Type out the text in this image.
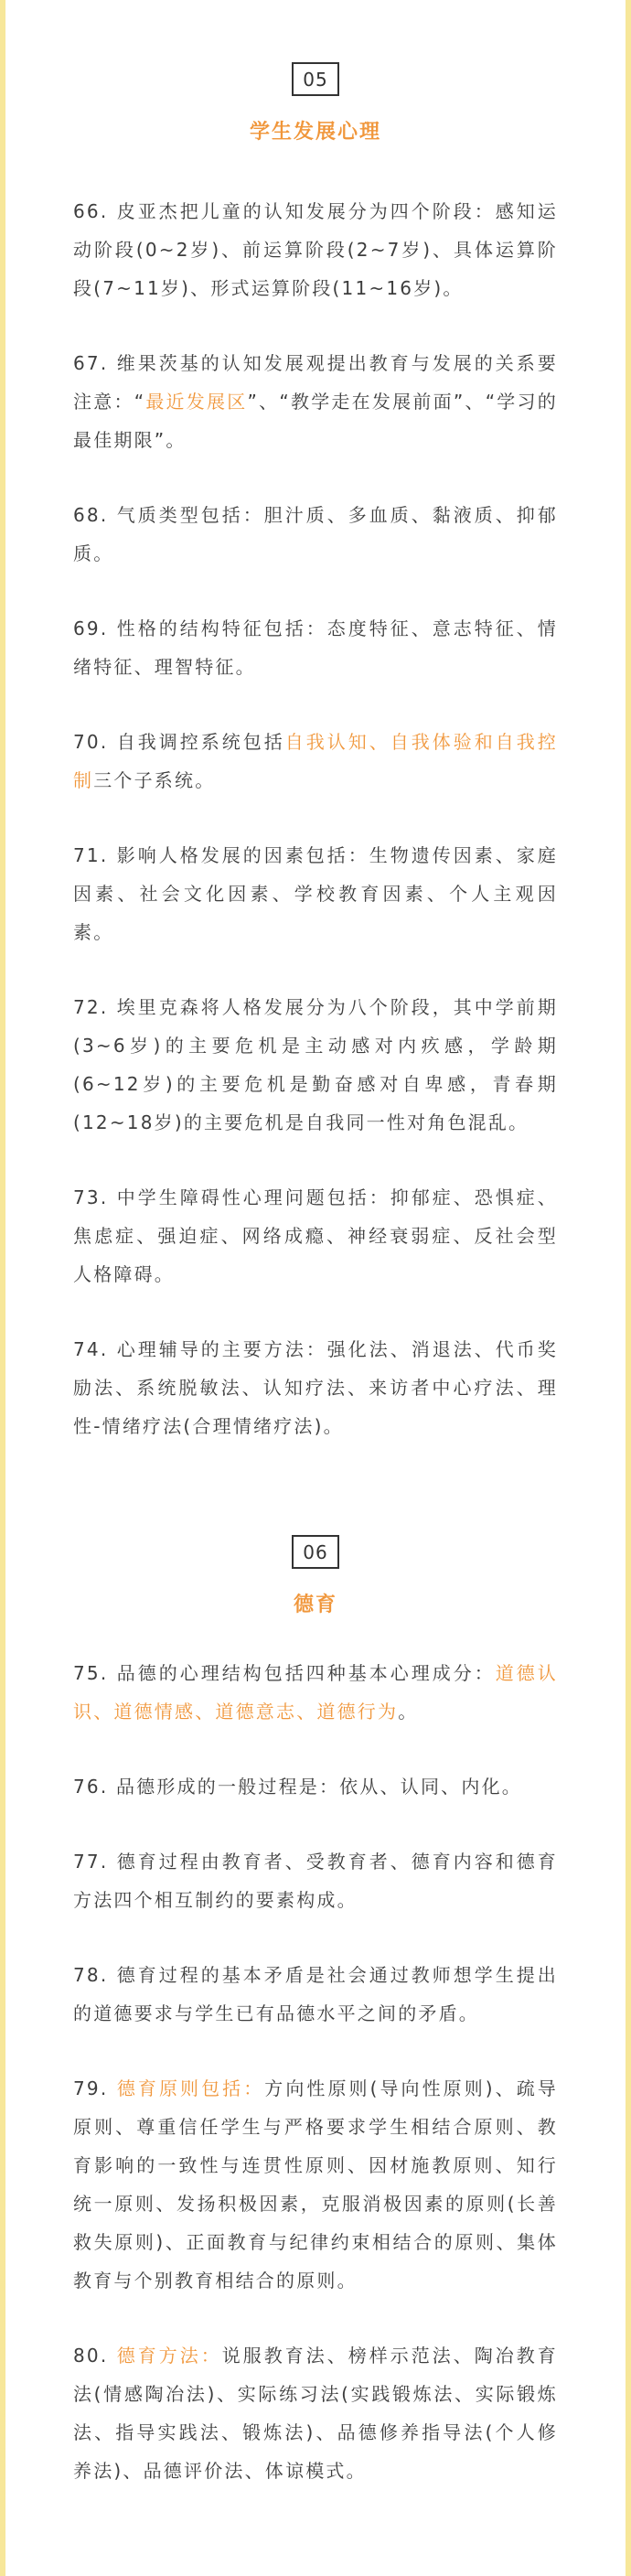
05
学生发展心理

66. 皮亚杰把儿童的认知发展分为四个阶段：感知运动阶段(0~2岁)、前运算阶段(2~7岁)、具体运算阶段(7~11岁)、形式运算阶段(11~16岁)。

67. 维果茨基的认知发展观提出教育与发展的关系要注意：“最近发展区”、“教学走在发展前面”、“学习的最佳期限”。

68. 气质类型包括：胆汁质、多血质、黏液质、抑郁质。

69. 性格的结构特征包括：态度特征、意志特征、情绪特征、理智特征。

70. 自我调控系统包括自我认知、自我体验和自我控制三个子系统。

71. 影响人格发展的因素包括：生物遗传因素、家庭因素、社会文化因素、学校教育因素、个人主观因素。

72. 埃里克森将人格发展分为八个阶段，其中学前期(3~6岁)的主要危机是主动感对内疚感，学龄期(6~12岁)的主要危机是勤奋感对自卑感，青春期(12~18岁)的主要危机是自我同一性对角色混乱。

73. 中学生障碍性心理问题包括：抑郁症、恐惧症、焦虑症、强迫症、网络成瘾、神经衰弱症、反社会型人格障碍。

74. 心理辅导的主要方法：强化法、消退法、代币奖励法、系统脱敏法、认知疗法、来访者中心疗法、理性-情绪疗法(合理情绪疗法)。

06
德育

75. 品德的心理结构包括四种基本心理成分：道德认识、道德情感、道德意志、道德行为。

76. 品德形成的一般过程是：依从、认同、内化。

77. 德育过程由教育者、受教育者、德育内容和德育方法四个相互制约的要素构成。

78. 德育过程的基本矛盾是社会通过教师想学生提出的道德要求与学生已有品德水平之间的矛盾。

79. 德育原则包括：方向性原则(导向性原则)、疏导原则、尊重信任学生与严格要求学生相结合原则、教育影响的一致性与连贯性原则、因材施教原则、知行统一原则、发扬积极因素，克服消极因素的原则(长善救失原则)、正面教育与纪律约束相结合的原则、集体教育与个别教育相结合的原则。

80. 德育方法：说服教育法、榜样示范法、陶冶教育法(情感陶冶法)、实际练习法(实践锻炼法、实际锻炼法、指导实践法、锻炼法)、品德修养指导法(个人修养法)、品德评价法、体谅模式。
